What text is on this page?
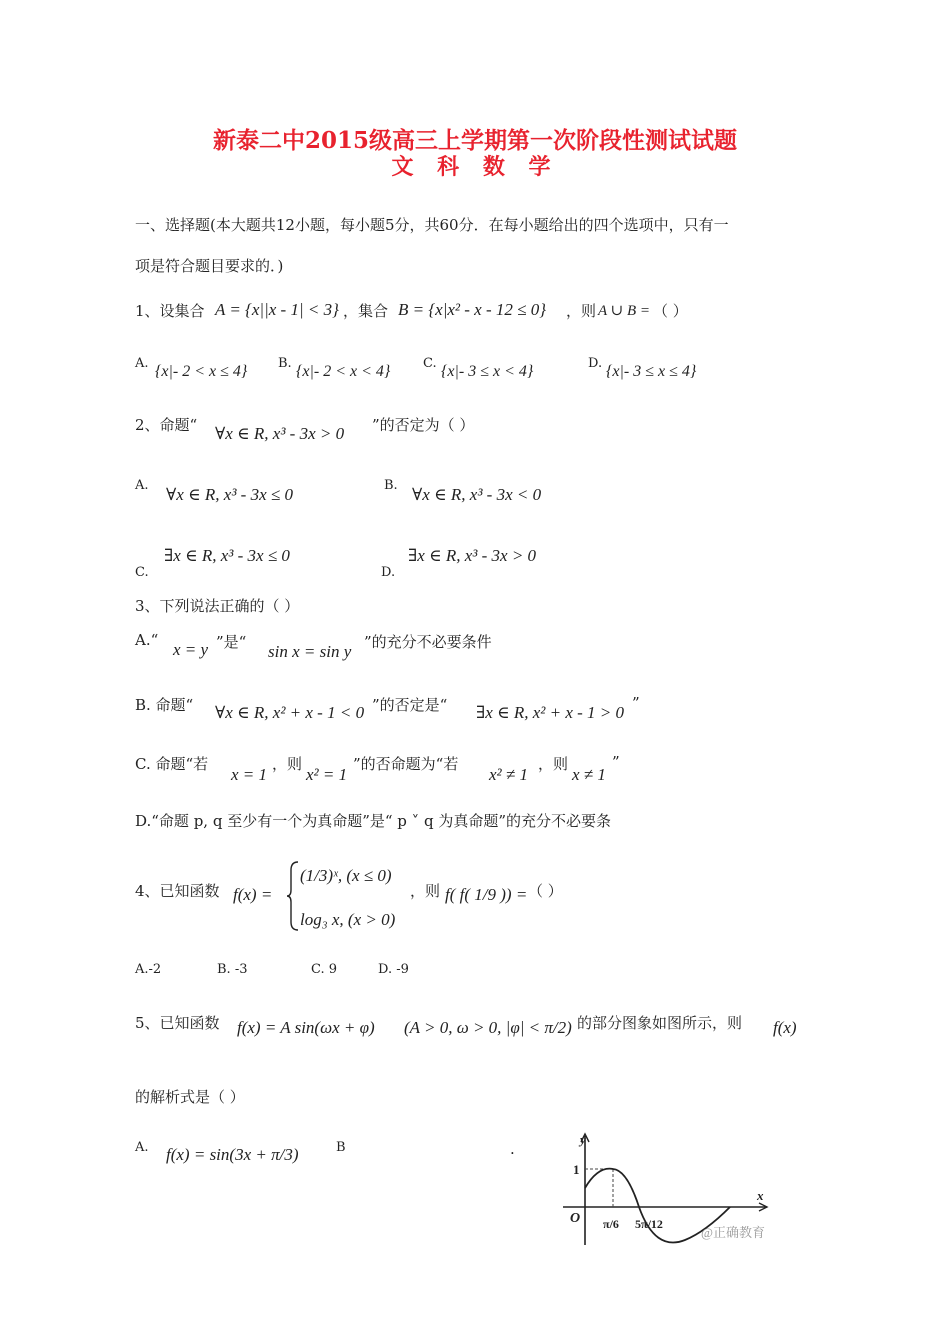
新泰二中2015级高三上学期第一次阶段性测试试题
文 科 数 学
一、选择题(本大题共12小题，每小题5分，共60分．在每小题给出的四个选项中，只有一
项是符合题目要求的．)
1、设集合 A = {x||x - 1| < 3} ，集合 B = {x|x² - x - 12 ≤ 0} ，则 A ∪ B = （ ）
A. {x|- 2 < x ≤ 4} B. {x|- 2 < x < 4}	C. {x|- 3 ≤ x < 4}	D. {x|- 3 ≤ x ≤ 4}
2、命题“ ∀x ∈ R, x³ - 3x > 0 ”的否定为（ ）
A. ∀x ∈ R, x³ - 3x ≤ 0	B. ∀x ∈ R, x³ - 3x < 0
∃x ∈ R, x³ - 3x ≤ 0
C.
∃x ∈ R, x³ - 3x > 0
D.
3、下列说法正确的（ ）
A.“ x = y ”是“ sin x = sin y ”的充分不必要条件
B. 命题“ ∀x ∈ R, x² + x - 1 < 0 ”的否定是“ ∃x ∈ R, x² + x - 1 > 0 ”
C. 命题“若
x = 1
，则
x² = 1
”的否命题为“若
x² ≠ 1
，则
x ≠ 1
”
D.“命题 p, q 至少有一个为真命题”是“ p ˅ q 为真命题”的充分不必要条
4、已知函数 f(x) =
(1/3)ˣ, (x ≤ 0)
log₃ x, (x > 0)
，则 f( f( 1/9 )) = （ ）
A.-2	B. -3	C. 9	D. -9
5、已知函数 f(x) = A sin(ωx + φ) (A > 0, ω > 0, |φ| < π/2) 的部分图象如图所示，则 f(x)
的解析式是（ ）
A. f(x) = sin(3x + π/3)	B	.
y
x
O
1
π/6 5π/12
@正确教育
